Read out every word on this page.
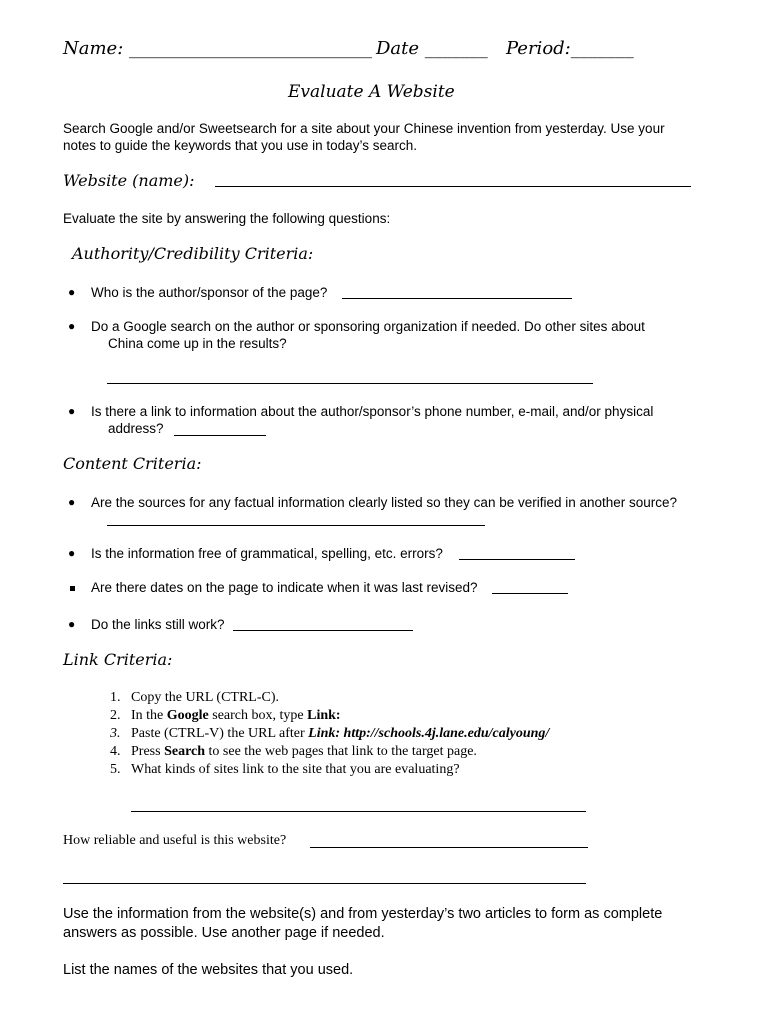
Name: ___________________________ Date _______ Period:_______
Evaluate A Website
Search Google and/or Sweetsearch for a site about your Chinese invention from yesterday. Use your
notes to guide the keywords that you use in today’s search.
Website (name):
Evaluate the site by answering the following questions:
Authority/Credibility Criteria:
● Who is the author/sponsor of the page?
● Do a Google search on the author or sponsoring organization if needed. Do other sites about
China come up in the results?
● Is there a link to information about the author/sponsor’s phone number, e-mail, and/or physical
address?
Content Criteria:
● Are the sources for any factual information clearly listed so they can be verified in another source?
● Is the information free of grammatical, spelling, etc. errors?
Are there dates on the page to indicate when it was last revised?
● Do the links still work?
Link Criteria:
1. Copy the URL (CTRL-C).
2. In the Google search box, type Link:
3. Paste (CTRL-V) the URL after Link: http://schools.4j.lane.edu/calyoung/
4. Press Search to see the web pages that link to the target page.
5. What kinds of sites link to the site that you are evaluating?
How reliable and useful is this website?
Use the information from the website(s) and from yesterday’s two articles to form as complete
answers as possible. Use another page if needed.
List the names of the websites that you used.
